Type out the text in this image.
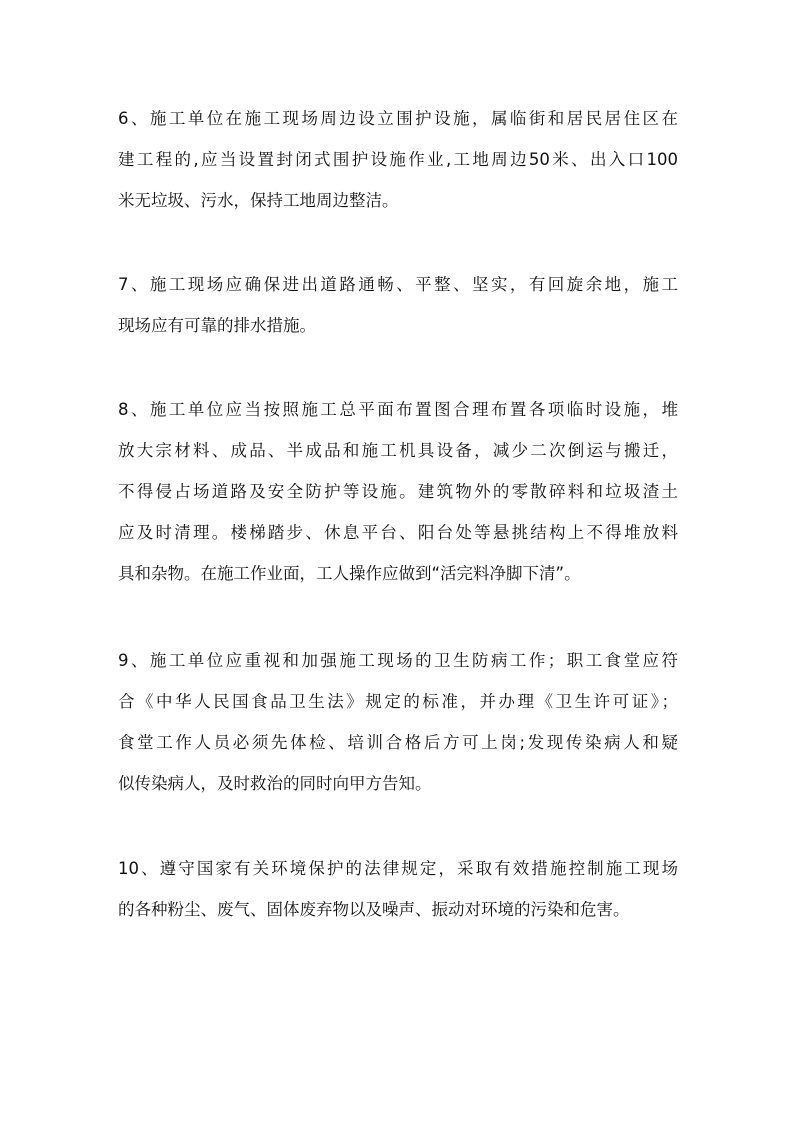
6、施工单位在施工现场周边设立围护设施，属临街和居民居住区在
建工程的,应当设置封闭式围护设施作业,工地周边50米、出入口100
米无垃圾、污水，保持工地周边整洁。
7、施工现场应确保进出道路通畅、平整、坚实，有回旋余地，施工
现场应有可靠的排水措施。
8、施工单位应当按照施工总平面布置图合理布置各项临时设施，堆
放大宗材料、成品、半成品和施工机具设备，减少二次倒运与搬迁，
不得侵占场道路及安全防护等设施。建筑物外的零散碎料和垃圾渣土
应及时清理。楼梯踏步、休息平台、阳台处等悬挑结构上不得堆放料
具和杂物。在施工作业面，工人操作应做到“活完料净脚下清”。
9、施工单位应重视和加强施工现场的卫生防病工作；职工食堂应符
合《中华人民国食品卫生法》规定的标准，并办理《卫生许可证》；
食堂工作人员必须先体检、培训合格后方可上岗;发现传染病人和疑
似传染病人，及时救治的同时向甲方告知。
10、遵守国家有关环境保护的法律规定，采取有效措施控制施工现场
的各种粉尘、废气、固体废弃物以及噪声、振动对环境的污染和危害。
